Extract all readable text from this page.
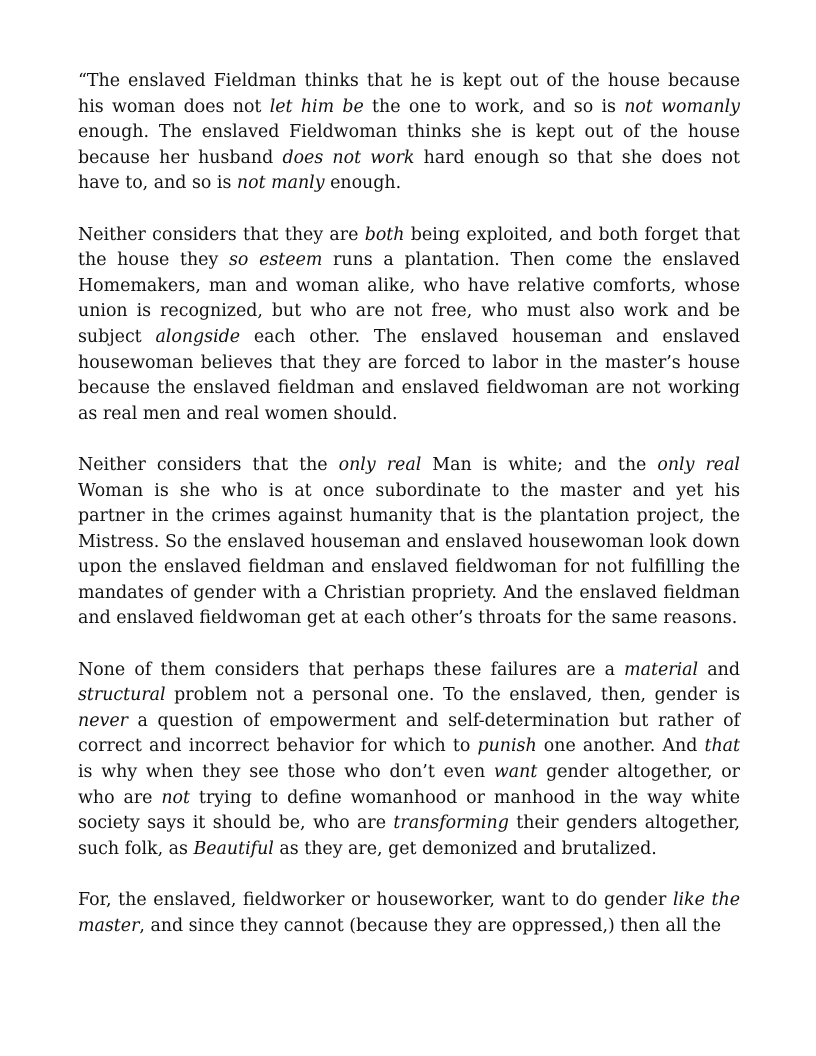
“The enslaved Fieldman thinks that he is kept out of the house because his woman does not let him be the one to work, and so is not womanly enough. The enslaved Fieldwoman thinks she is kept out of the house because her husband does not work hard enough so that she does not have to, and so is not manly enough.

Neither considers that they are both being exploited, and both forget that the house they so esteem runs a plantation. Then come the enslaved Homemakers, man and woman alike, who have relative comforts, whose union is recognized, but who are not free, who must also work and be subject alongside each other. The enslaved houseman and enslaved housewoman believes that they are forced to labor in the master’s house because the enslaved fieldman and enslaved fieldwoman are not working as real men and real women should.

Neither considers that the only real Man is white; and the only real Woman is she who is at once subordinate to the master and yet his partner in the crimes against humanity that is the plantation project, the Mistress. So the enslaved houseman and enslaved housewoman look down upon the enslaved fieldman and enslaved fieldwoman for not fulfilling the mandates of gender with a Christian propriety. And the enslaved fieldman and enslaved fieldwoman get at each other’s throats for the same reasons.

None of them considers that perhaps these failures are a material and structural problem not a personal one. To the enslaved, then, gender is never a question of empowerment and self-determination but rather of correct and incorrect behavior for which to punish one another. And that is why when they see those who don’t even want gender altogether, or who are not trying to define womanhood or manhood in the way white society says it should be, who are transforming their genders altogether, such folk, as Beautiful as they are, get demonized and brutalized.

For, the enslaved, fieldworker or houseworker, want to do gender like the master, and since they cannot (because they are oppressed,) then all the
